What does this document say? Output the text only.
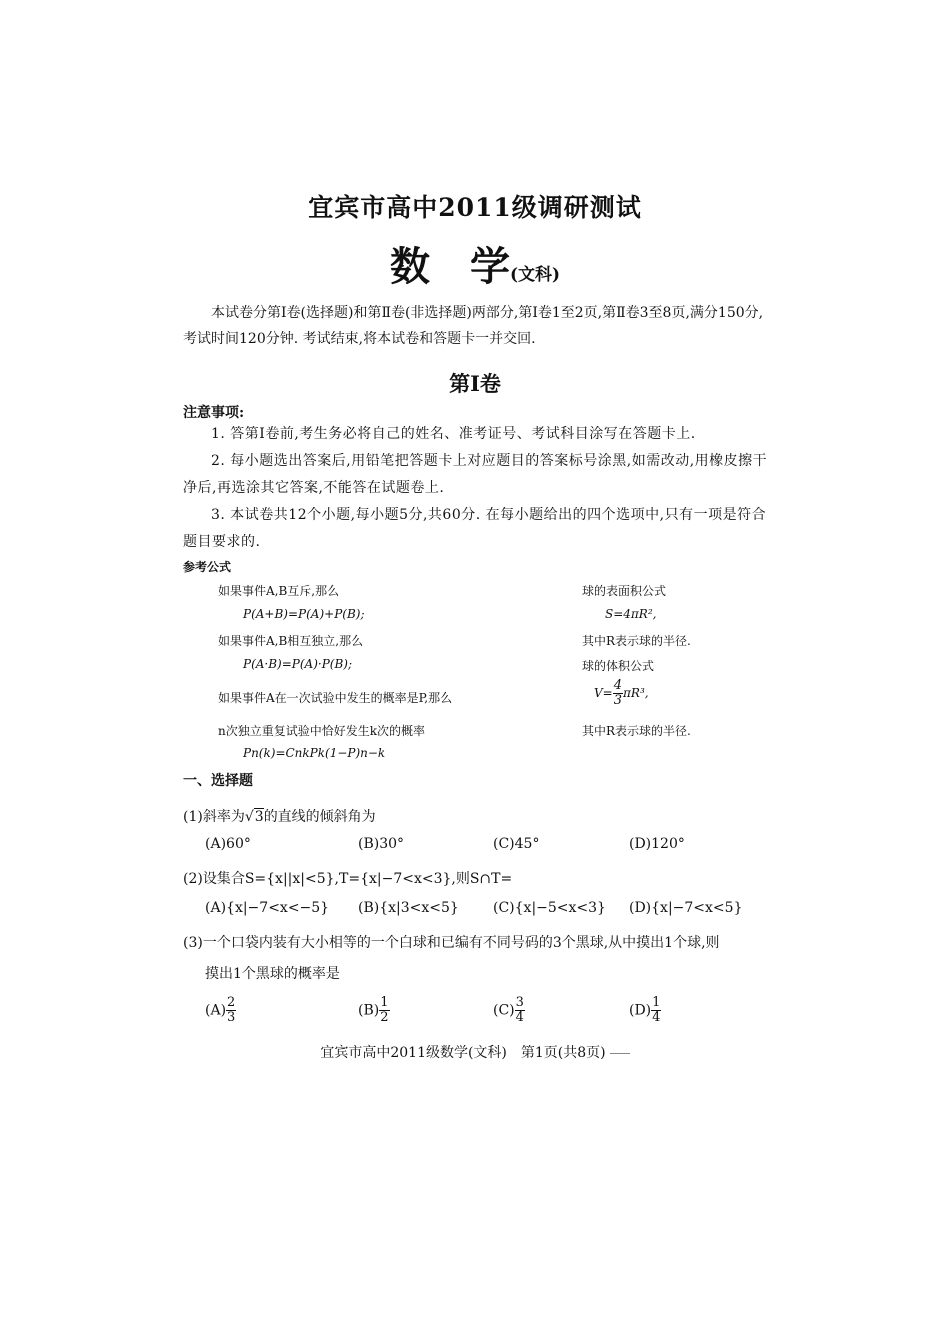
宜宾市高中2011级调研测试
数 学(文科)
本试卷分第Ⅰ卷(选择题)和第Ⅱ卷(非选择题)两部分,第Ⅰ卷1至2页,第Ⅱ卷3至8页,满分150分,考试时间120分钟. 考试结束,将本试卷和答题卡一并交回.
第Ⅰ卷
注意事项:
1. 答第Ⅰ卷前,考生务必将自己的姓名、准考证号、考试科目涂写在答题卡上.
2. 每小题选出答案后,用铅笔把答题卡上对应题目的答案标号涂黑,如需改动,用橡皮擦干净后,再选涂其它答案,不能答在试题卷上.
3. 本试卷共12个小题,每小题5分,共60分. 在每小题给出的四个选项中,只有一项是符合题目要求的.
参考公式
如果事件A,B互斥,那么
P(A+B)=P(A)+P(B);
如果事件A,B相互独立,那么
P(A·B)=P(A)·P(B);
如果事件A在一次试验中发生的概率是P,那么
n次独立重复试验中恰好发生k次的概率
Pn(k)=CnkPk(1−P)n−k
球的表面积公式
S=4πR²,
其中R表示球的半径.
球的体积公式
$V= \frac{4}{3} \pi R^3$,
其中R表示球的半径.
一、选择题
(1)斜率为√3的直线的倾斜角为
(A)60°	(B)30°	(C)45°	(D)120°
(2)设集合S={x||x|<5},T={x|−7<x<3},则S∩T=
(A){x|−7<x<−5} (B){x|3<x<5} (C){x|−5<x<3} (D){x|−7<x<5}
(3)一个口袋内装有大小相等的一个白球和已编有不同号码的3个黑球,从中摸出1个球,则
摸出1个黑球的概率是
$(A) \frac{2}{3}$	$(B) \frac{1}{2}$	$(C) \frac{3}{4}$	$(D) \frac{1}{4}$
宜宾市高中2011级数学(文科)　第1页(共8页)
